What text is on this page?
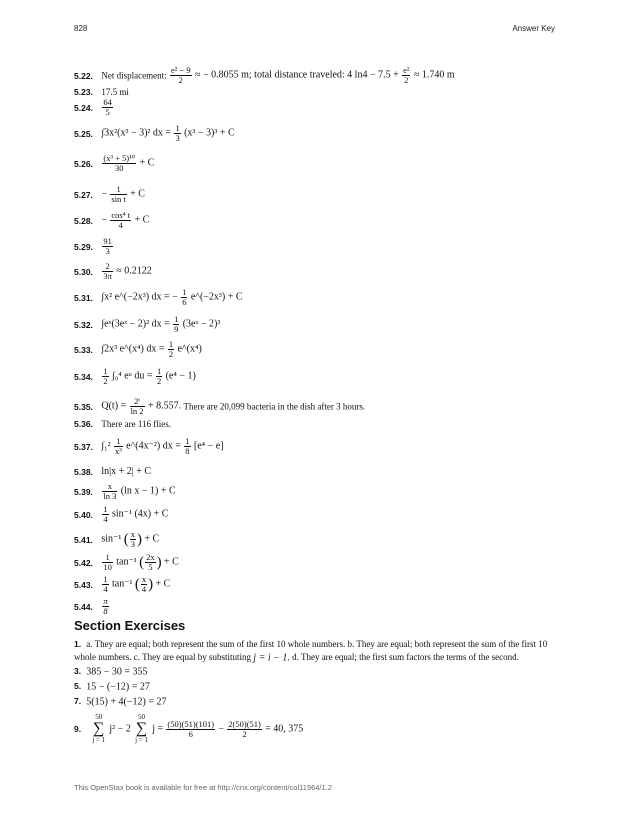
828	Answer Key
5.22. Net displacement: $\frac{\text{e² − 9}}{2}$ ≈ − 0.8055 m; total distance traveled: 4 $\ln 4 - 7.5 + \frac{\text{e²}}{2} \approx 1.740$ m
5.23. 17.5 mi
5.24. $\frac{64}{5}$
5.25. ∫3x²(x³ − 3)² dx = $\frac{1}{3} (x^3 - 3)^3 + C$
5.26. $\frac{\text{(x³ + 5)¹⁰}}{30} + C$
5.27. − $\frac{1}{\text{sin t}} + C$
5.28. − $\frac{\text{cos⁴ t}}{4} + C$
5.29. $\frac{91}{3}$
5.30. $\frac{2}{3\pi} \approx 0.2122$
5.31. ∫x² e^(−2x³) dx = − $\frac{1}{6}$ e^(−2x³) + C
5.32. ∫eˣ(3eˣ − 2)² dx = $\frac{1}{9}$ (3eˣ − 2)³
5.33. ∫2x³ e^(x⁴) dx = $\frac{1}{2}$ e^(x⁴)
5.34. $\frac{1}{2} \int_0^4$ eᵘ du = $\frac{1}{2} (e^4 - 1)$
5.35. $Q(t) = \frac{\text{2ᵗ}}{\ln 2} + 8.557$. There are 20,099 bacteria in the dish after 3 hours.
5.36. There are 116 flies.
5.37. $\int_1^2 \frac{1}{\text{x³}}$ e^(4x⁻²) dx = $\frac{1}{8} [e^4 - e]$
5.38. ln|x + 2| + C
5.39. $\frac{x}{\ln 3} (\ln$ x − 1) + C
5.40. $\frac{1}{4} \sin^{-1}$ (4x) + C
5.41. sin⁻¹ ( $\frac{x}{3}$ ) + C
5.42. $\frac{1}{10} \tan^{-1}$ ( $\frac{2x}{5}$ ) + C
5.43. $\frac{1}{4} \tan^{-1}$ ( $\frac{x}{4}$ ) + C
5.44. $\frac{\pi}{8}$
Section Exercises
1. a. They are equal; both represent the sum of the first 10 whole numbers. b. They are equal; both represent the sum of the first 10 whole numbers. c. They are equal by substituting j = i − 1. d. They are equal; the first sum factors the terms of the second.
3. 385 − 30 = 355
5. 15 − (−12) = 27
7. 5(15) + 4(−12) = 27
9.
50
∑
j = 1
j² − 2
50
∑
j = 1
$j = \frac{(50)(51)(101)}{6} - \frac{2(50)(51)}{2} = 40$, 375
This OpenStax book is available for free at http://cnx.org/content/col11964/1.2
